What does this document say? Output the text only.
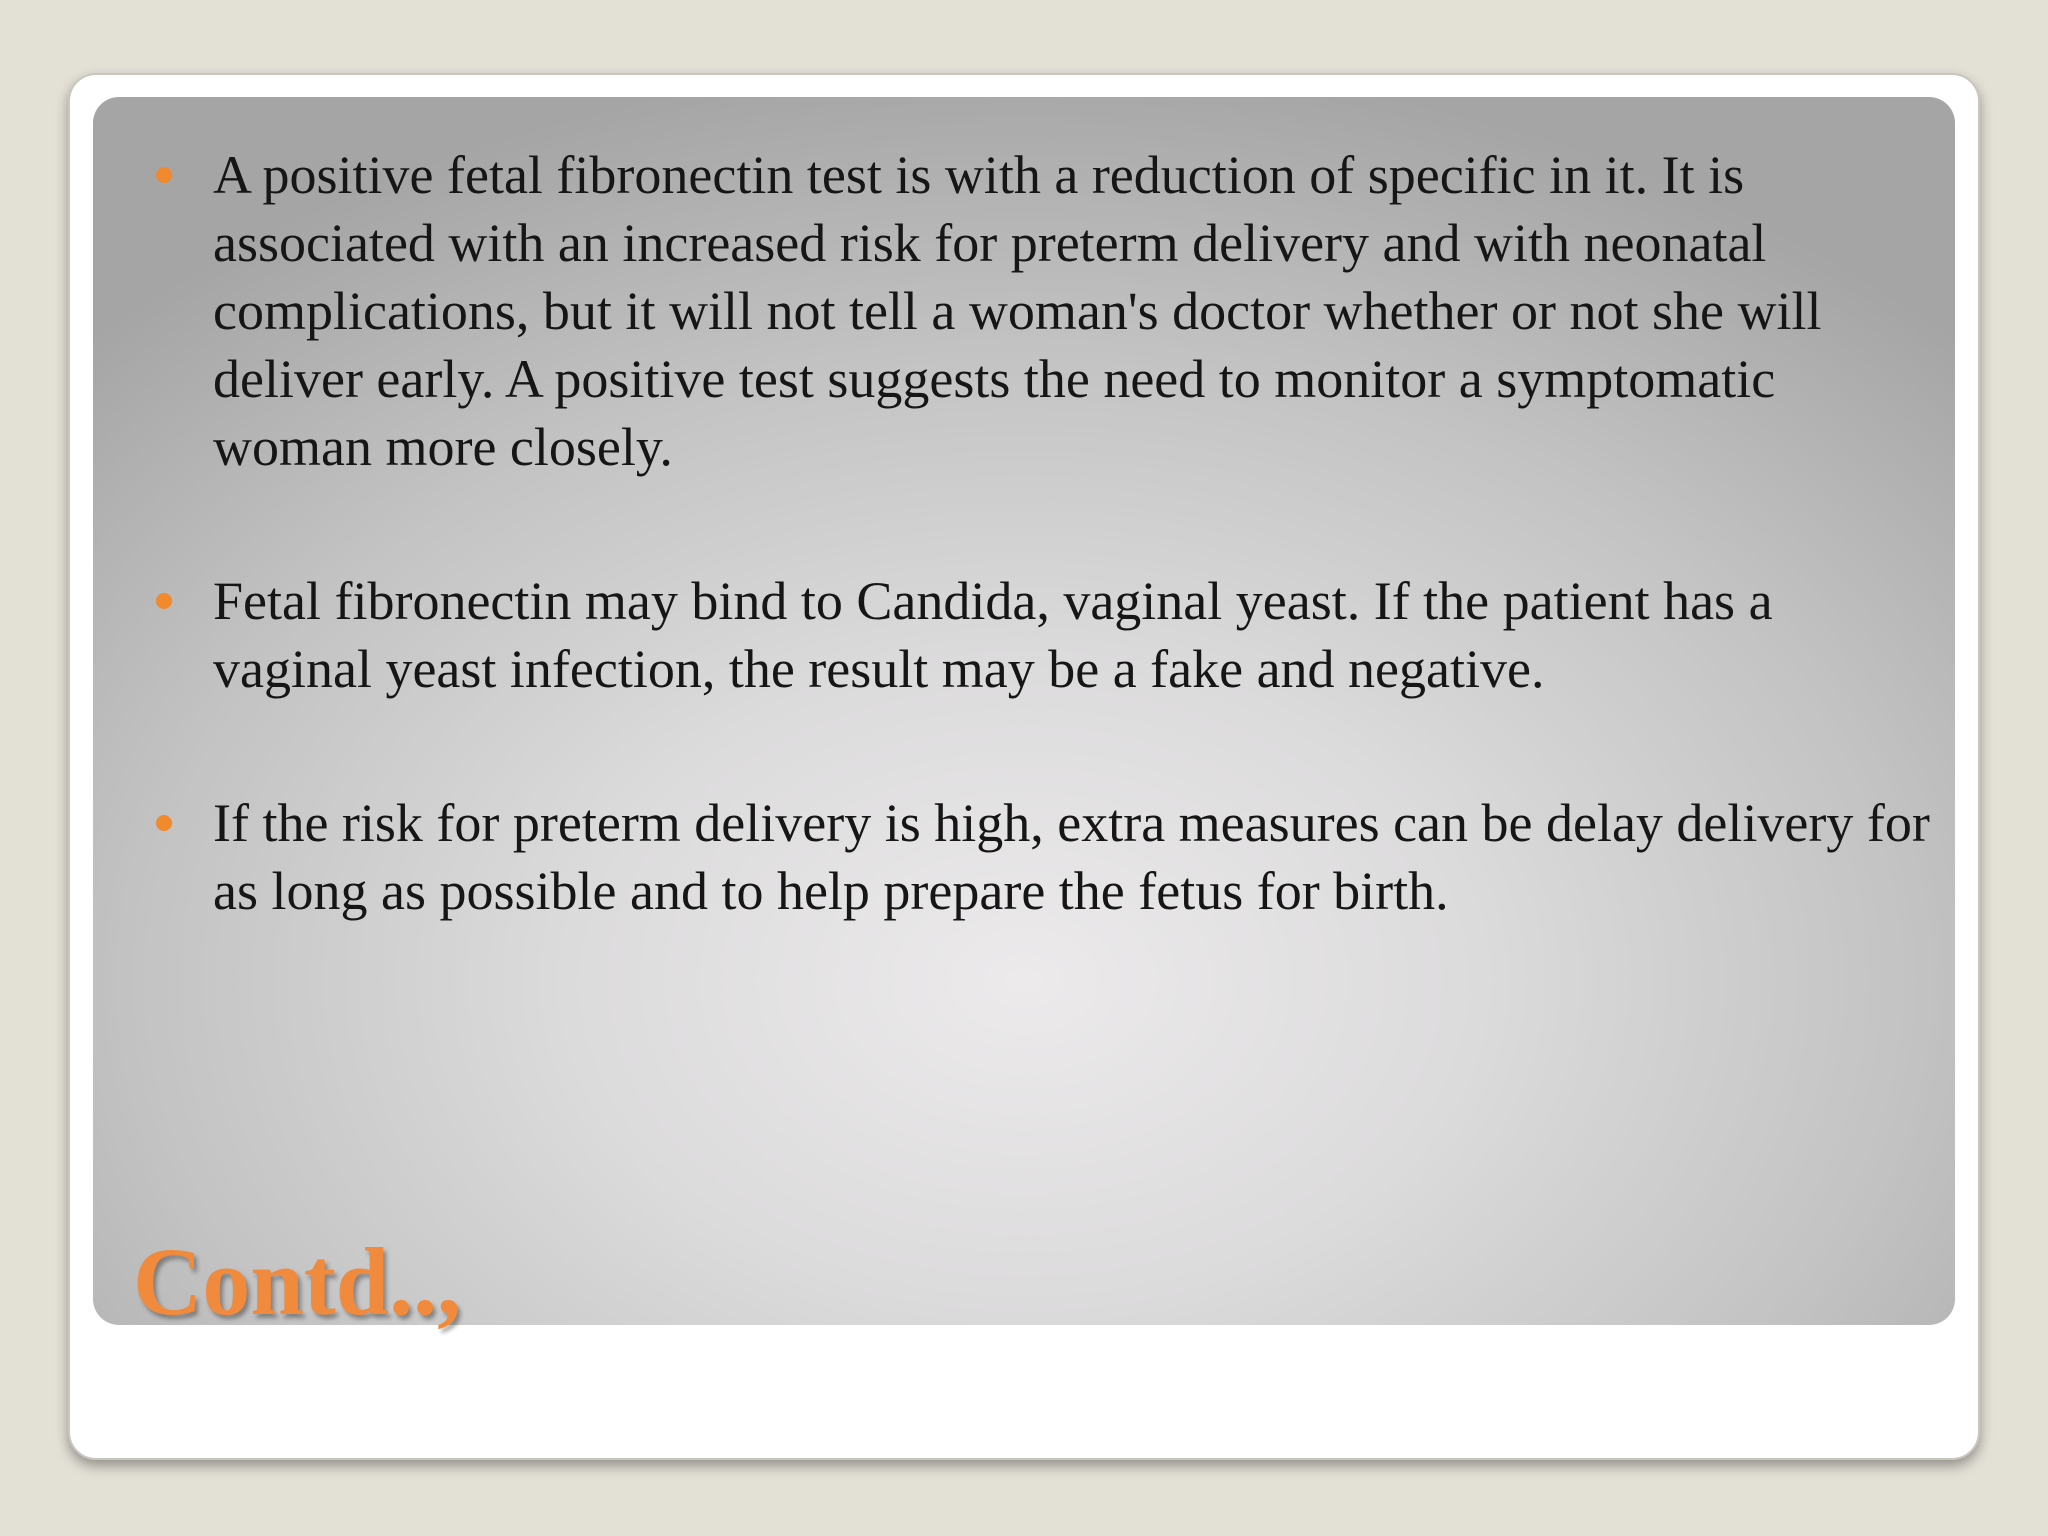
A positive fetal fibronectin test is with a reduction of specific in it. It is associated with an increased risk for preterm delivery and with neonatal complications, but it will not tell a woman's doctor whether or not she will deliver early. A positive test suggests the need to monitor a symptomatic woman more closely.

Fetal fibronectin may bind to Candida, vaginal yeast. If the patient has a vaginal yeast infection, the result may be a fake and negative.

If the risk for preterm delivery is high, extra measures can be delay delivery for as long as possible and to help prepare the fetus for birth.

Contd..,
